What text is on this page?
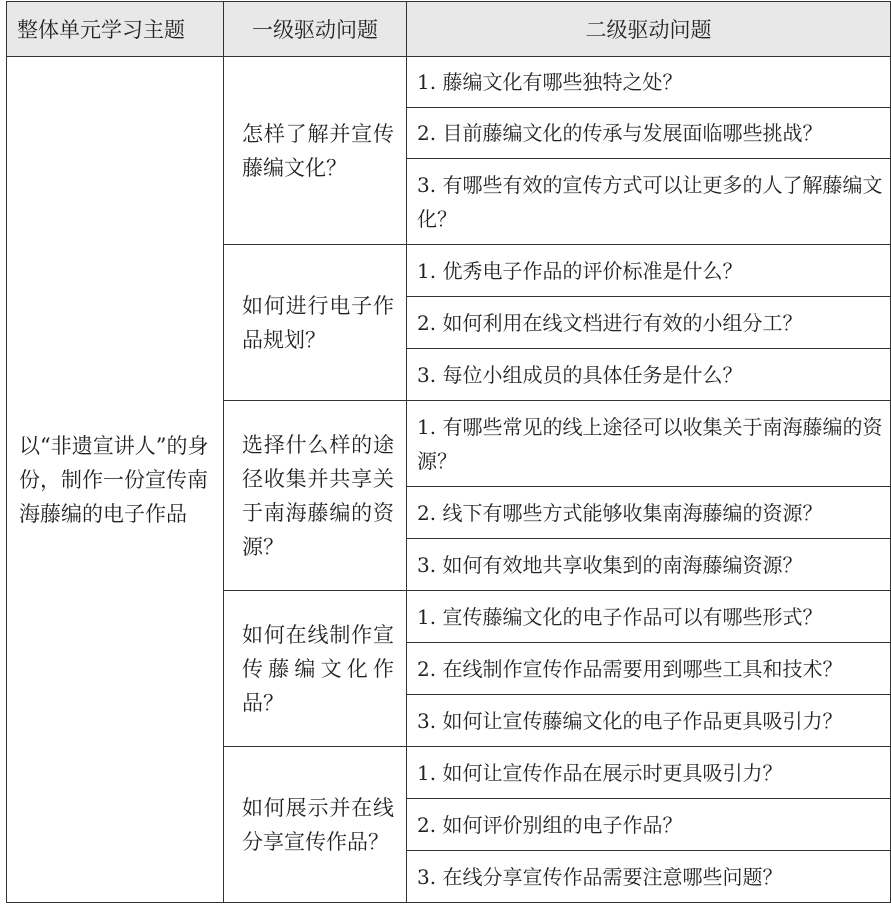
整体单元学习主题	一级驱动问题	二级驱动问题
以“非遗宣讲人”的身份，制作一份宣传南海藤编的电子作品	怎样了解并宣传藤编文化？	1. 藤编文化有哪些独特之处？
		2. 目前藤编文化的传承与发展面临哪些挑战？
		3. 有哪些有效的宣传方式可以让更多的人了解藤编文化？
	如何进行电子作品规划？	1. 优秀电子作品的评价标准是什么？
		2. 如何利用在线文档进行有效的小组分工？
		3. 每位小组成员的具体任务是什么？
	选择什么样的途径收集并共享关于南海藤编的资源？	1. 有哪些常见的线上途径可以收集关于南海藤编的资源？
		2. 线下有哪些方式能够收集南海藤编的资源？
		3. 如何有效地共享收集到的南海藤编资源？
	如何在线制作宣传藤编文化作品？	1. 宣传藤编文化的电子作品可以有哪些形式？
		2. 在线制作宣传作品需要用到哪些工具和技术？
		3. 如何让宣传藤编文化的电子作品更具吸引力？
	如何展示并在线分享宣传作品？	1. 如何让宣传作品在展示时更具吸引力？
		2. 如何评价别组的电子作品？
		3. 在线分享宣传作品需要注意哪些问题？
